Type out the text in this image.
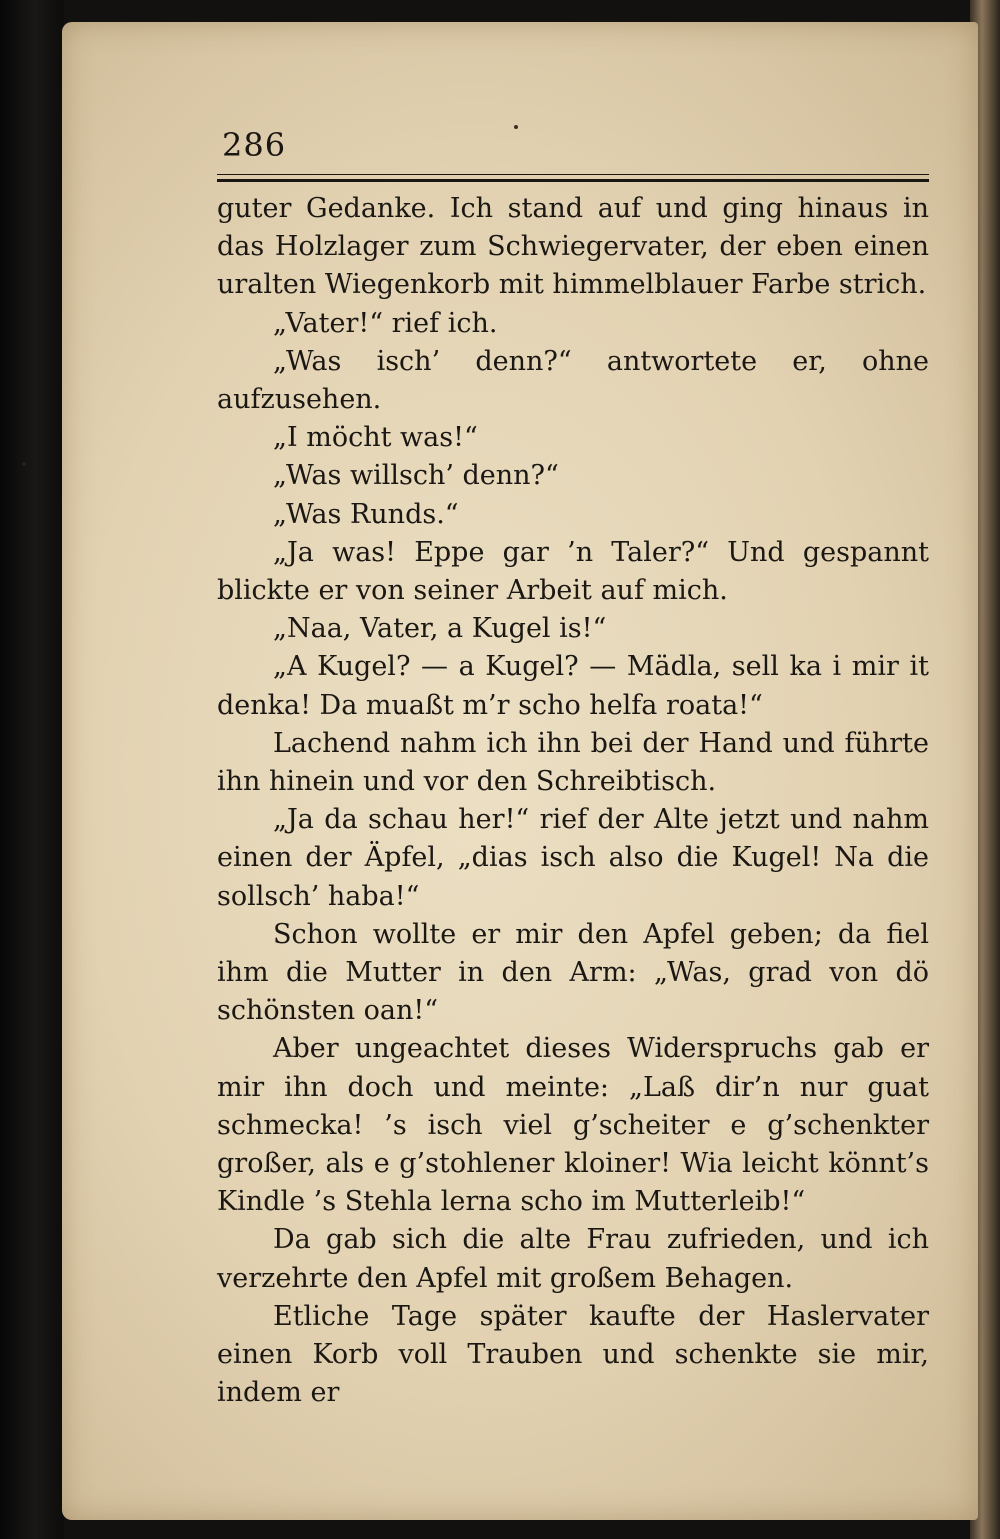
286

guter Gedanke. Ich stand auf und ging hinaus in das Holzlager zum Schwiegervater, der eben einen uralten Wiegenkorb mit himmelblauer Farbe strich.

„Vater!“ rief ich.

„Was isch’ denn?“ antwortete er, ohne aufzusehen.

„I möcht was!“

„Was willsch’ denn?“

„Was Runds.“

„Ja was! Eppe gar ’n Taler?“ Und gespannt blickte er von seiner Arbeit auf mich.

„Naa, Vater, a Kugel is!“

„A Kugel? — a Kugel? — Mädla, sell ka i mir it denka! Da muaßt m’r scho helfa roata!“

Lachend nahm ich ihn bei der Hand und führte ihn hinein und vor den Schreibtisch.

„Ja da schau her!“ rief der Alte jetzt und nahm einen der Äpfel, „dias isch also die Kugel! Na die sollsch’ haba!“

Schon wollte er mir den Apfel geben; da fiel ihm die Mutter in den Arm: „Was, grad von dö schönsten oan!“

Aber ungeachtet dieses Widerspruchs gab er mir ihn doch und meinte: „Laß dir’n nur guat schmecka! ’s isch viel g’scheiter e g’schenkter großer, als e g’stohlener kloiner! Wia leicht könnt’s Kindle ’s Stehla lerna scho im Mutterleib!“

Da gab sich die alte Frau zufrieden, und ich verzehrte den Apfel mit großem Behagen.

Etliche Tage später kaufte der Haslervater einen Korb voll Trauben und schenkte sie mir, indem er
